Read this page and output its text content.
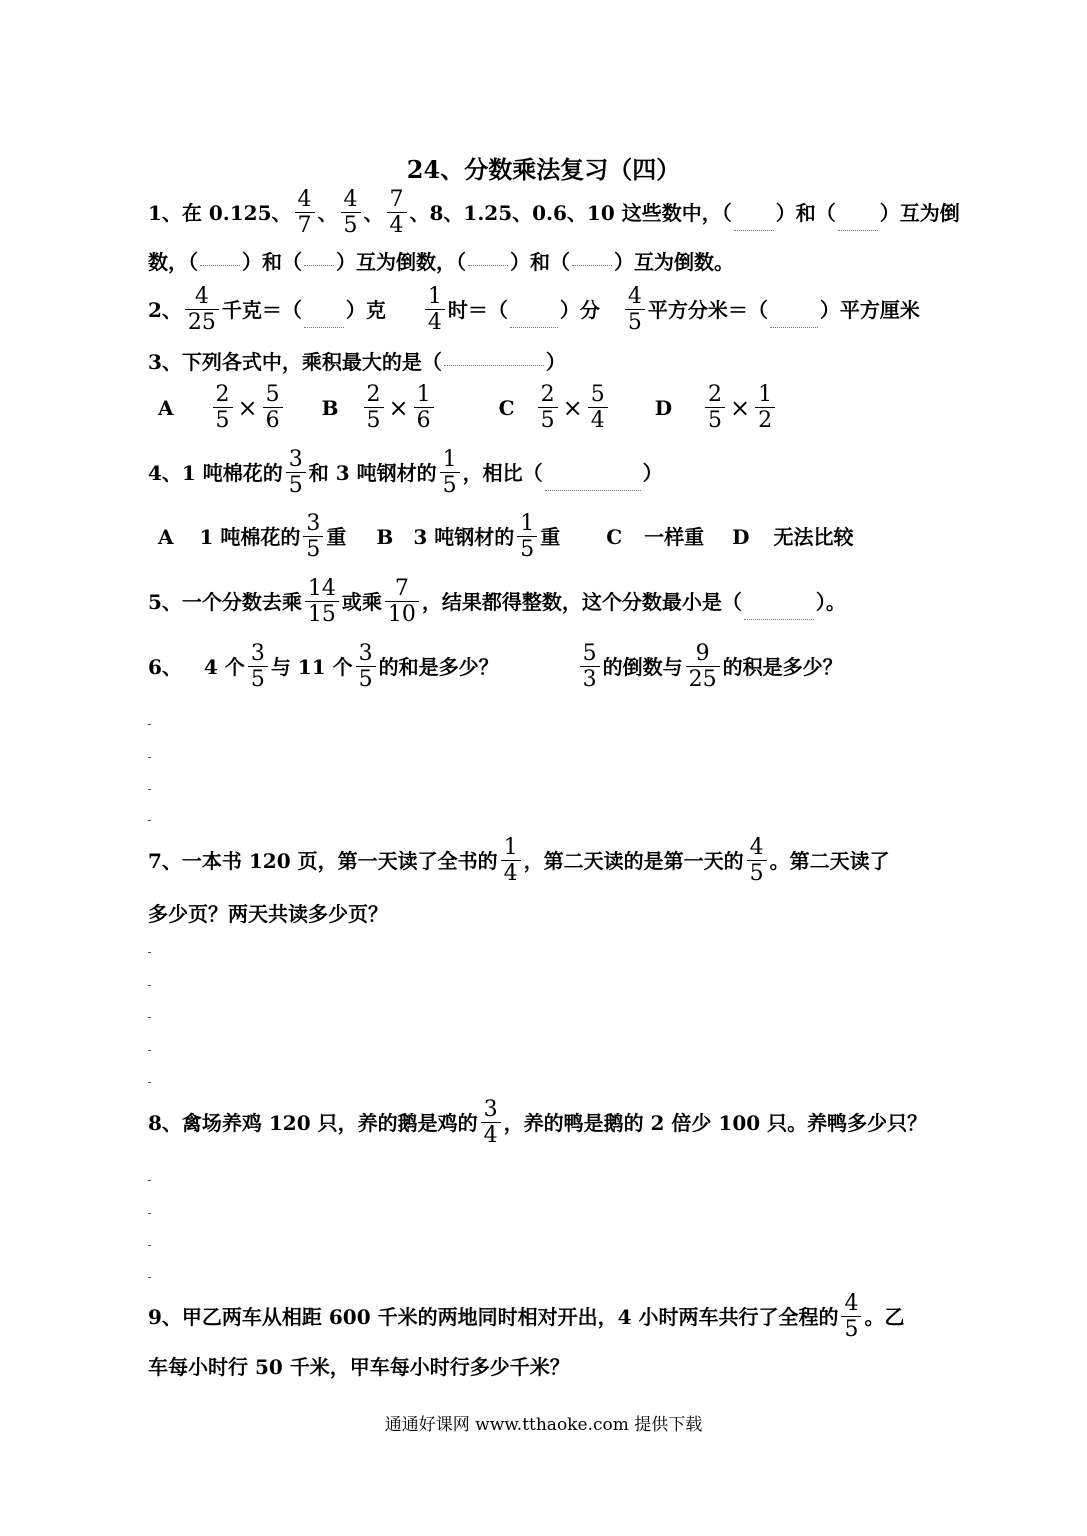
24、分数乘法复习（四）
1、在 0.125、 $\frac{4}{7}$ 、 $\frac{4}{5}$ 、 $\frac{7}{4}$ 、8、1.25、0.6、10 这些数中，（ ）和（ ）互为倒
数，（ ）和（ ）互为倒数，（ ）和（ ）互为倒数。
2、 $\frac{4}{25}$ 千克＝（ ）克 $\frac{1}{4}$ 时＝（	）分 $\frac{4}{5}$ 平方分米＝（	）平方厘米
3、下列各式中，乘积最大的是（	）
A $\frac{2}{5} \times \frac{5}{6}$ B $\frac{2}{5} \times \frac{1}{6}$	C $\frac{2}{5} \times \frac{5}{4}$ D $\frac{2}{5} \times \frac{1}{2}$
4、1 吨棉花的 $\frac{3}{5}$ 和 3 吨钢材的 $\frac{1}{5}$ ，相比（	）
A 1 吨棉花的 $\frac{3}{5}$ 重 B 3 吨钢材的 $\frac{1}{5}$ 重 C 一样重 D 无法比较
5、一个分数去乘 $\frac{14}{15}$ 或乘 $\frac{7}{10}$ ，结果都得整数，这个分数最小是（	）。
6、 4 个 $\frac{3}{5}$ 与 11 个 $\frac{3}{5}$ 的和是多少？	$\frac{5}{3}$ 的倒数与 $\frac{9}{25}$ 的积是多少？
7、一本书 120 页，第一天读了全书的 $\frac{1}{4}$ ，第二天读的是第一天的 $\frac{4}{5}$ 。第二天读了
多少页？两天共读多少页？
8、禽场养鸡 120 只，养的鹅是鸡的 $\frac{3}{4}$ ，养的鸭是鹅的 2 倍少 100 只。养鸭多少只？
9、甲乙两车从相距 600 千米的两地同时相对开出，4 小时两车共行了全程的 $\frac{4}{5}$ 。乙
车每小时行 50 千米，甲车每小时行多少千米？
通通好课网 www.tthaoke.com 提供下载
